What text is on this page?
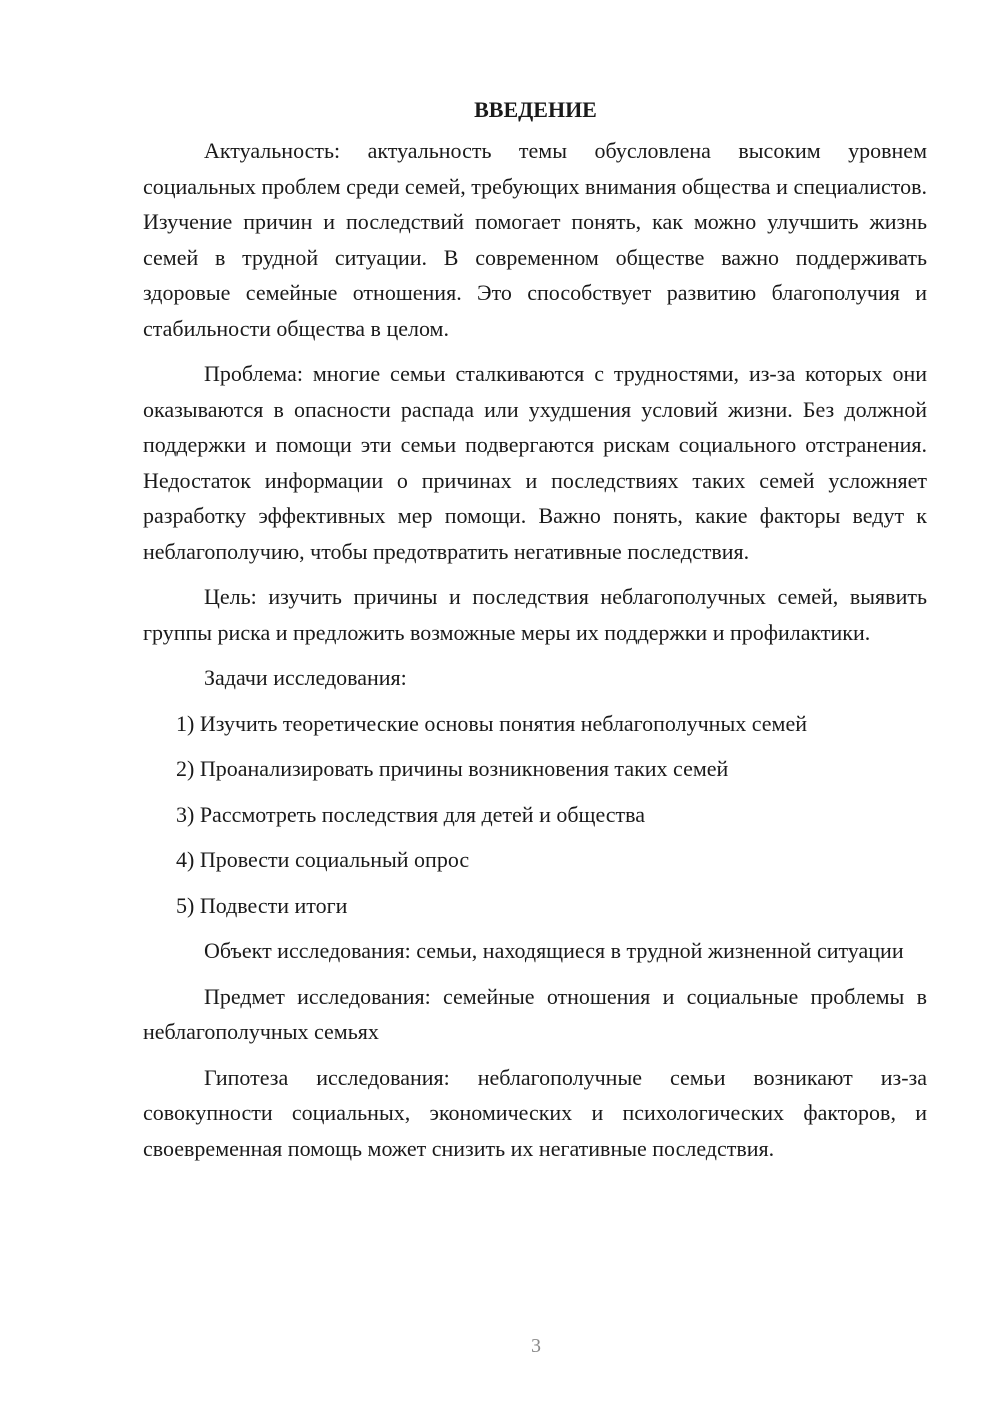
ВВЕДЕНИЕ

Актуальность: актуальность темы обусловлена высоким уровнем социальных проблем среди семей, требующих внимания общества и специалистов. Изучение причин и последствий помогает понять, как можно улучшить жизнь семей в трудной ситуации. В современном обществе важно поддерживать здоровые семейные отношения. Это способствует развитию благополучия и стабильности общества в целом.

Проблема: многие семьи сталкиваются с трудностями, из-за которых они оказываются в опасности распада или ухудшения условий жизни. Без должной поддержки и помощи эти семьи подвергаются рискам социального отстранения. Недостаток информации о причинах и последствиях таких семей усложняет разработку эффективных мер помощи. Важно понять, какие факторы ведут к неблагополучию, чтобы предотвратить негативные последствия.

Цель: изучить причины и последствия неблагополучных семей, выявить группы риска и предложить возможные меры их поддержки и профилактики.

Задачи исследования:

1) Изучить теоретические основы понятия неблагополучных семей
2) Проанализировать причины возникновения таких семей
3) Рассмотреть последствия для детей и общества
4) Провести социальный опрос
5) Подвести итоги

Объект исследования: семьи, находящиеся в трудной жизненной ситуации

Предмет исследования: семейные отношения и социальные проблемы в неблагополучных семьях

Гипотеза исследования: неблагополучные семьи возникают из-за совокупности социальных, экономических и психологических факторов, и своевременная помощь может снизить их негативные последствия.

3
